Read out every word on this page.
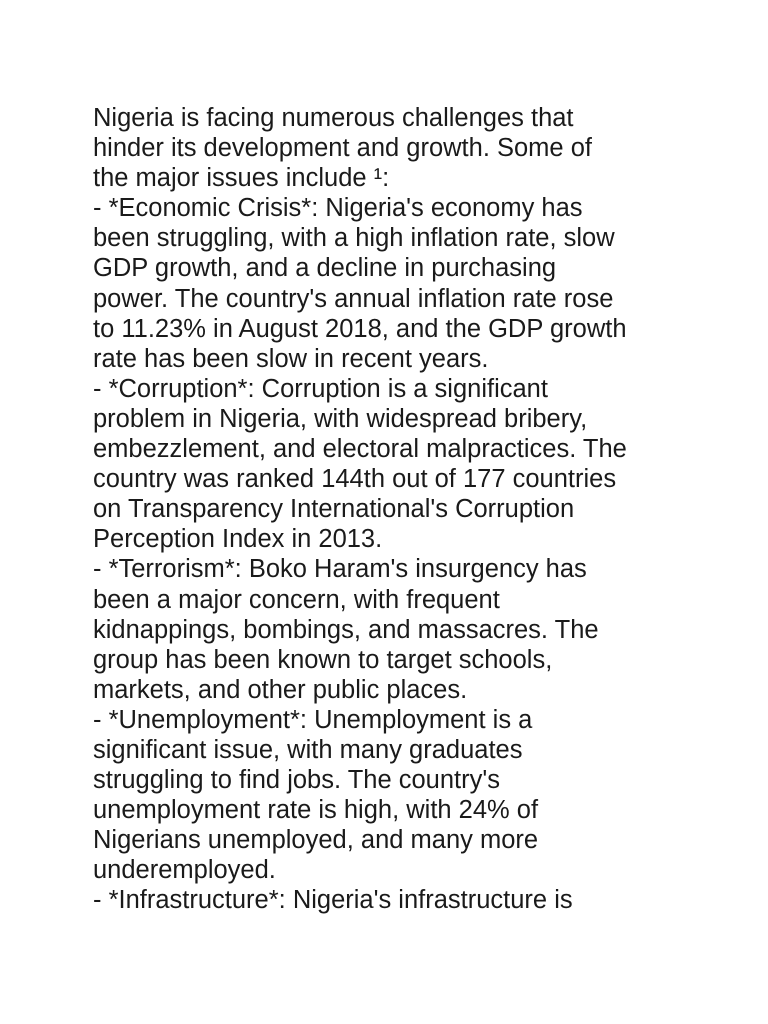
Nigeria is facing numerous challenges that
hinder its development and growth. Some of
the major issues include ¹:
- *Economic Crisis*: Nigeria's economy has
been struggling, with a high inflation rate, slow
GDP growth, and a decline in purchasing
power. The country's annual inflation rate rose
to 11.23% in August 2018, and the GDP growth
rate has been slow in recent years.
- *Corruption*: Corruption is a significant
problem in Nigeria, with widespread bribery,
embezzlement, and electoral malpractices. The
country was ranked 144th out of 177 countries
on Transparency International's Corruption
Perception Index in 2013.
- *Terrorism*: Boko Haram's insurgency has
been a major concern, with frequent
kidnappings, bombings, and massacres. The
group has been known to target schools,
markets, and other public places.
- *Unemployment*: Unemployment is a
significant issue, with many graduates
struggling to find jobs. The country's
unemployment rate is high, with 24% of
Nigerians unemployed, and many more
underemployed.
- *Infrastructure*: Nigeria's infrastructure is
